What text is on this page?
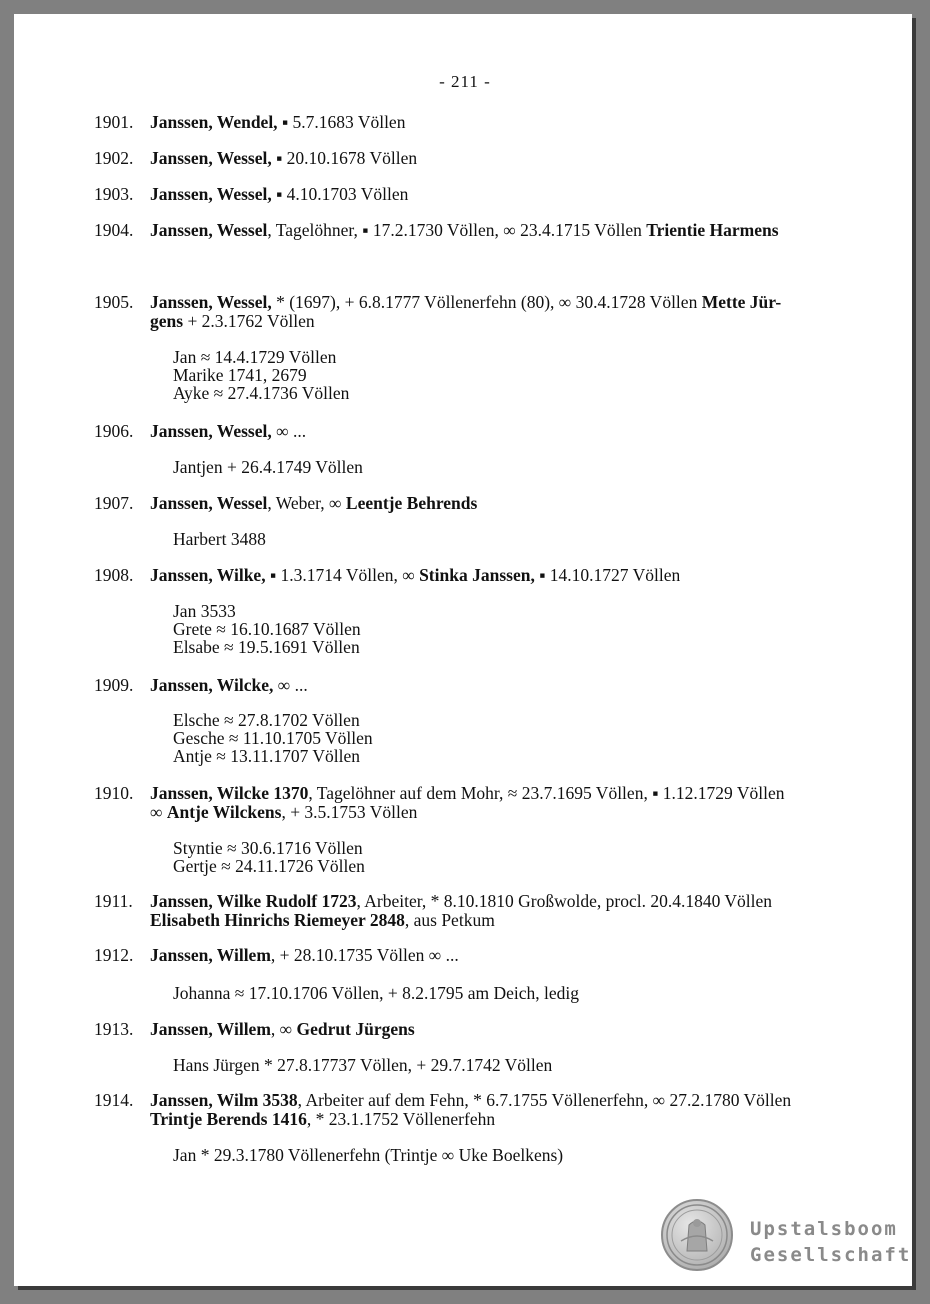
- 211 -
1901. Janssen, Wendel, ▪ 5.7.1683 Völlen
1902. Janssen, Wessel, ▪ 20.10.1678 Völlen
1903. Janssen, Wessel, ▪ 4.10.1703 Völlen
1904. Janssen, Wessel, Tagelöhner, ▪ 17.2.1730 Völlen, ∞ 23.4.1715 Völlen Trientie Harmens
1905. Janssen, Wessel, * (1697), + 6.8.1777 Völlenerfehn (80), ∞ 30.4.1728 Völlen Mette Jür-
gens + 2.3.1762 Völlen
Jan ≈ 14.4.1729 Völlen
Marike 1741, 2679
Ayke ≈ 27.4.1736 Völlen
1906. Janssen, Wessel, ∞ ...
Jantjen + 26.4.1749 Völlen
1907. Janssen, Wessel, Weber, ∞ Leentje Behrends
Harbert 3488
1908. Janssen, Wilke, ▪ 1.3.1714 Völlen, ∞ Stinka Janssen, ▪ 14.10.1727 Völlen
Jan 3533
Grete ≈ 16.10.1687 Völlen
Elsabe ≈ 19.5.1691 Völlen
1909. Janssen, Wilcke, ∞ ...
Elsche ≈ 27.8.1702 Völlen
Gesche ≈ 11.10.1705 Völlen
Antje ≈ 13.11.1707 Völlen
1910. Janssen, Wilcke 1370, Tagelöhner auf dem Mohr, ≈ 23.7.1695 Völlen, ▪ 1.12.1729 Völlen
∞ Antje Wilckens, + 3.5.1753 Völlen
Styntie ≈ 30.6.1716 Völlen
Gertje ≈ 24.11.1726 Völlen
1911. Janssen, Wilke Rudolf 1723, Arbeiter, * 8.10.1810 Großwolde, procl. 20.4.1840 Völlen
Elisabeth Hinrichs Riemeyer 2848, aus Petkum
1912. Janssen, Willem, + 28.10.1735 Völlen ∞ ...
Johanna ≈ 17.10.1706 Völlen, + 8.2.1795 am Deich, ledig
1913. Janssen, Willem, ∞ Gedrut Jürgens
Hans Jürgen * 27.8.17737 Völlen, + 29.7.1742 Völlen
1914. Janssen, Wilm 3538, Arbeiter auf dem Fehn, * 6.7.1755 Völlenerfehn, ∞ 27.2.1780 Völlen
Trintje Berends 1416, * 23.1.1752 Völlenerfehn
Jan * 29.3.1780 Völlenerfehn (Trintje ∞ Uke Boelkens)
Upstalsboom
Gesellschaft
